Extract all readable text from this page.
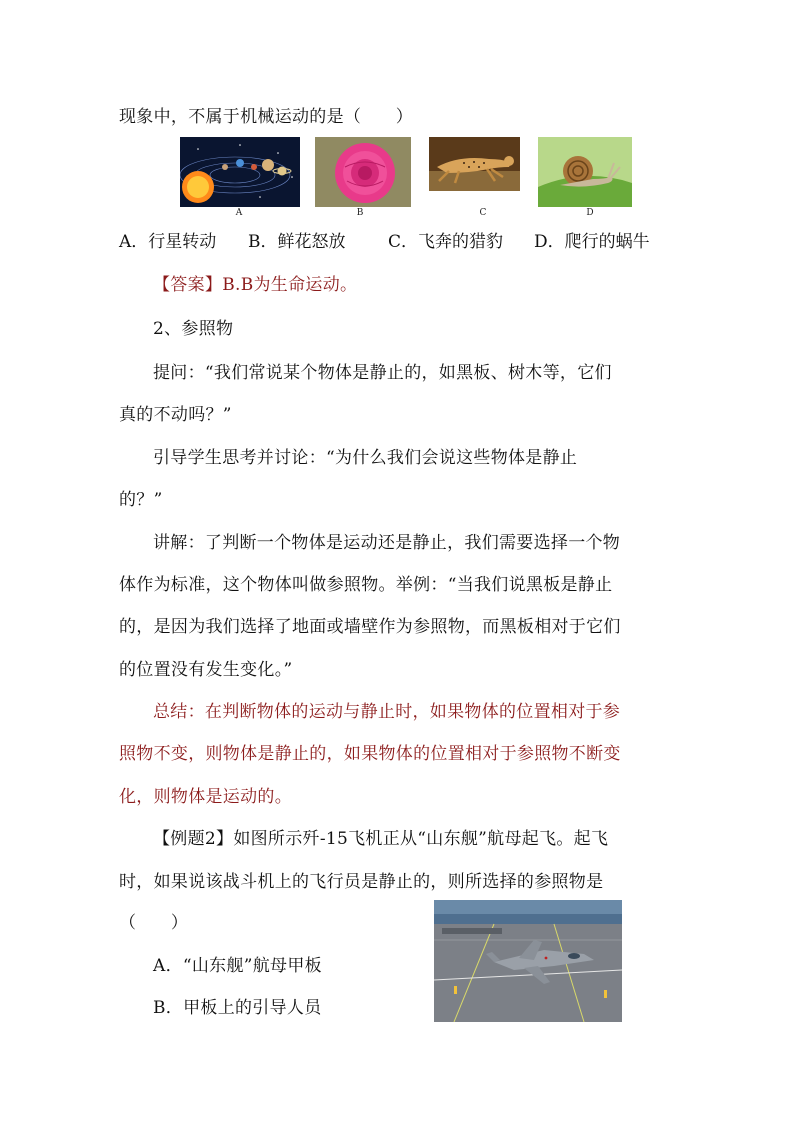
现象中，不属于机械运动的是（　　）
A	B	C	D
A．行星转动 B．鲜花怒放	C．飞奔的猎豹 D．爬行的蜗牛
【答案】B.B为生命运动。
2、参照物
提问：“我们常说某个物体是静止的，如黑板、树木等，它们
真的不动吗？”
引导学生思考并讨论：“为什么我们会说这些物体是静止
的？”
讲解：了判断一个物体是运动还是静止，我们需要选择一个物
体作为标准，这个物体叫做参照物。举例：“当我们说黑板是静止
的，是因为我们选择了地面或墙壁作为参照物，而黑板相对于它们
的位置没有发生变化。”
总结：在判断物体的运动与静止时，如果物体的位置相对于参
照物不变，则物体是静止的，如果物体的位置相对于参照物不断变
化，则物体是运动的。
【例题2】如图所示歼-15飞机正从“山东舰”航母起飞。起飞
时，如果说该战斗机上的飞行员是静止的，则所选择的参照物是
（　　）
A．“山东舰”航母甲板
B．甲板上的引导人员
